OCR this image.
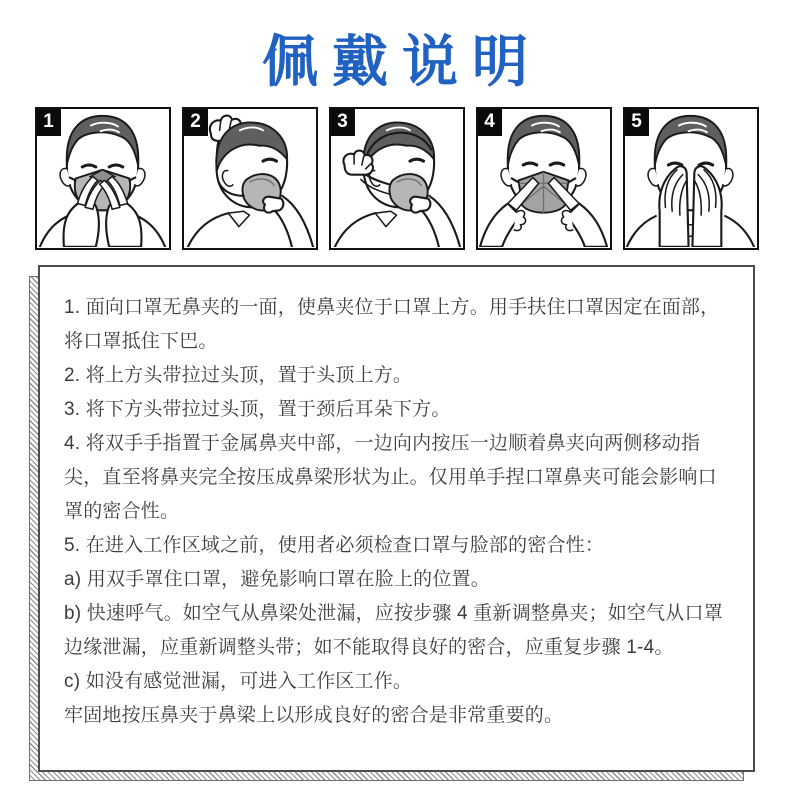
佩戴说明
1	2	3	4	5

1. 面向口罩无鼻夹的一面，使鼻夹位于口罩上方。用手扶住口罩因定在面部，将口罩抵住下巴。

2. 将上方头带拉过头顶，置于头顶上方。

3. 将下方头带拉过头顶，置于颈后耳朵下方。

4. 将双手手指置于金属鼻夹中部，一边向内按压一边顺着鼻夹向两侧移动指尖，直至将鼻夹完全按压成鼻梁形状为止。仅用单手捏口罩鼻夹可能会影响口罩的密合性。

5. 在进入工作区域之前，使用者必须检查口罩与脸部的密合性：

a) 用双手罩住口罩，避免影响口罩在脸上的位置。

b) 快速呼气。如空气从鼻梁处泄漏，应按步骤 4 重新调整鼻夹；如空气从口罩边缘泄漏，应重新调整头带；如不能取得良好的密合，应重复步骤 1-4。

c) 如没有感觉泄漏，可进入工作区工作。

牢固地按压鼻夹于鼻梁上以形成良好的密合是非常重要的。
